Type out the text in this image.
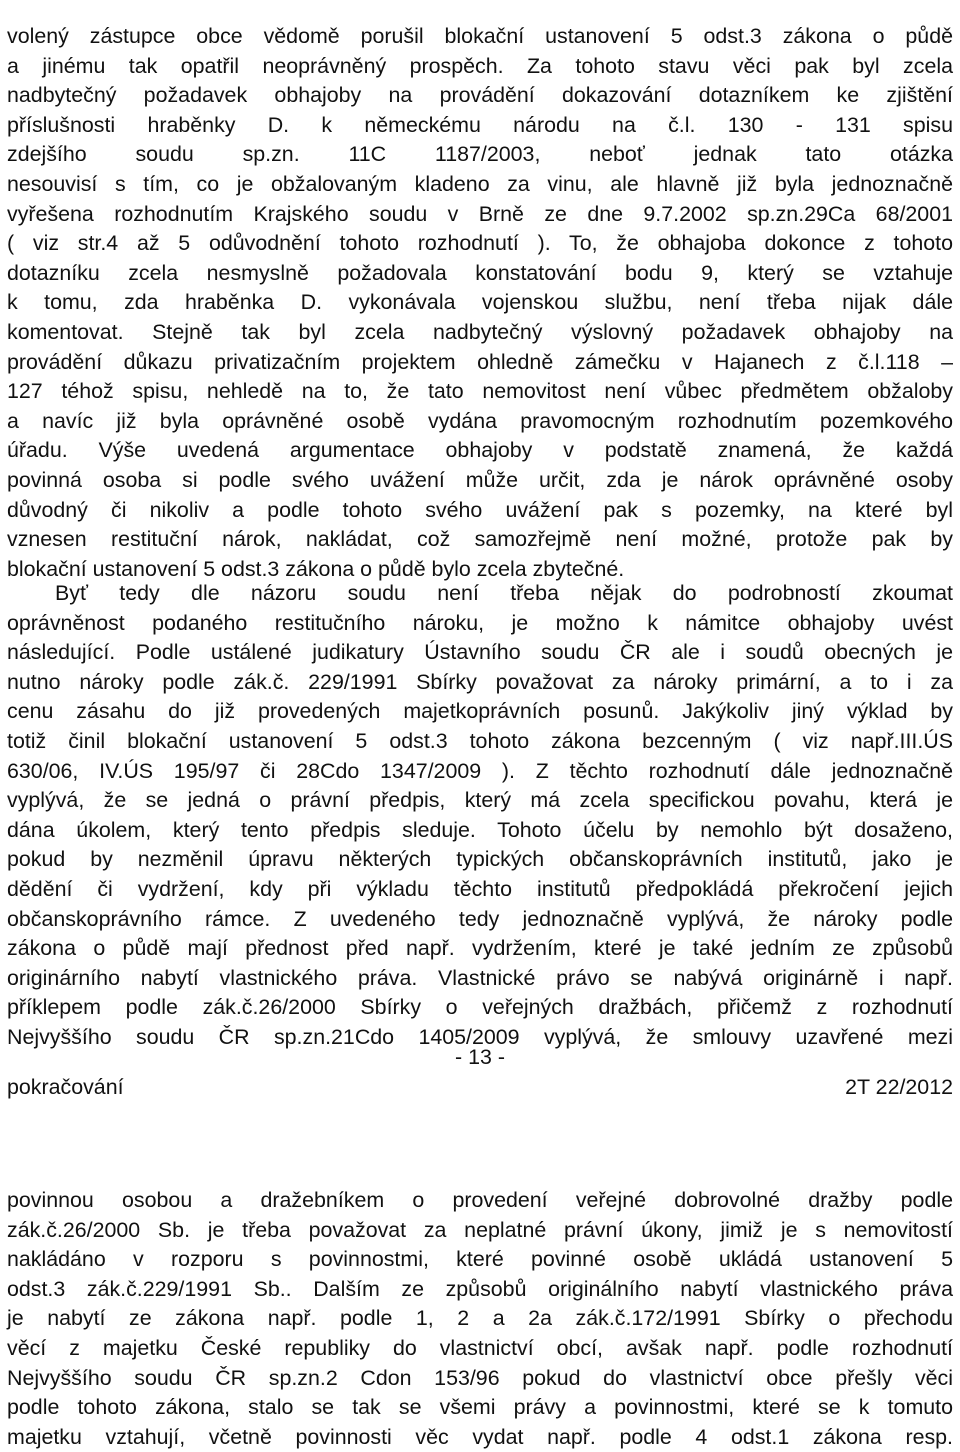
volený zástupce obce vědomě porušil blokační ustanovení 5 odst.3 zákona o půdě
a jinému tak opatřil neoprávněný prospěch. Za tohoto stavu věci pak byl zcela
nadbytečný požadavek obhajoby na provádění dokazování dotazníkem ke zjištění
příslušnosti hraběnky D. k německému národu na č.l. 130 - 131 spisu
zdejšího soudu sp.zn. 11C 1187/2003, neboť jednak tato otázka
nesouvisí s tím, co je obžalovaným kladeno za vinu, ale hlavně již byla jednoznačně
vyřešena rozhodnutím Krajského soudu v Brně ze dne 9.7.2002 sp.zn.29Ca 68/2001
( viz str.4 až 5 odůvodnění tohoto rozhodnutí ). To, že obhajoba dokonce z tohoto
dotazníku zcela nesmyslně požadovala konstatování bodu 9, který se vztahuje
k tomu, zda hraběnka D. vykonávala vojenskou službu, není třeba nijak dále
komentovat. Stejně tak byl zcela nadbytečný výslovný požadavek obhajoby na
provádění důkazu privatizačním projektem ohledně zámečku v Hajanech z č.l.118 –
127 téhož spisu, nehledě na to, že tato nemovitost není vůbec předmětem obžaloby
a navíc již byla oprávněné osobě vydána pravomocným rozhodnutím pozemkového
úřadu. Výše uvedená argumentace obhajoby v podstatě znamená, že každá
povinná osoba si podle svého uvážení může určit, zda je nárok oprávněné osoby
důvodný či nikoliv a podle tohoto svého uvážení pak s pozemky, na které byl
vznesen restituční nárok, nakládat, což samozřejmě není možné, protože pak by
blokační ustanovení 5 odst.3 zákona o půdě bylo zcela zbytečné.
Byť tedy dle názoru soudu není třeba nějak do podrobností zkoumat
oprávněnost podaného restitučního nároku, je možno k námitce obhajoby uvést
následující. Podle ustálené judikatury Ústavního soudu ČR ale i soudů obecných je
nutno nároky podle zák.č. 229/1991 Sbírky považovat za nároky primární, a to i za
cenu zásahu do již provedených majetkoprávních posunů. Jakýkoliv jiný výklad by
totiž činil blokační ustanovení 5 odst.3 tohoto zákona bezcenným ( viz např.III.ÚS
630/06, IV.ÚS 195/97 či 28Cdo 1347/2009 ). Z těchto rozhodnutí dále jednoznačně
vyplývá, že se jedná o právní předpis, který má zcela specifickou povahu, která je
dána úkolem, který tento předpis sleduje. Tohoto účelu by nemohlo být dosaženo,
pokud by nezměnil úpravu některých typických občanskoprávních institutů, jako je
dědění či vydržení, kdy při výkladu těchto institutů předpokládá překročení jejich
občanskoprávního rámce. Z uvedeného tedy jednoznačně vyplývá, že nároky podle
zákona o půdě mají přednost před např. vydržením, které je také jedním ze způsobů
originárního nabytí vlastnického práva. Vlastnické právo se nabývá originárně i např.
příklepem podle zák.č.26/2000 Sbírky o veřejných dražbách, přičemž z rozhodnutí
Nejvyššího soudu ČR sp.zn.21Cdo 1405/2009 vyplývá, že smlouvy uzavřené mezi
- 13 -
pokračování	2T 22/2012
povinnou osobou a dražebníkem o provedení veřejné dobrovolné dražby podle
zák.č.26/2000 Sb. je třeba považovat za neplatné právní úkony, jimiž je s nemovitostí
nakládáno v rozporu s povinnostmi, které povinné osobě ukládá ustanovení 5
odst.3 zák.č.229/1991 Sb.. Dalším ze způsobů originálního nabytí vlastnického práva
je nabytí ze zákona např. podle 1, 2 a 2a zák.č.172/1991 Sbírky o přechodu
věcí z majetku České republiky do vlastnictví obcí, avšak např. podle rozhodnutí
Nejvyššího soudu ČR sp.zn.2 Cdon 153/96 pokud do vlastnictví obce přešly věci
podle tohoto zákona, stalo se tak se všemi právy a povinnostmi, které se k tomuto
majetku vztahují, včetně povinnosti věc vydat např. podle 4 odst.1 zákona resp.
